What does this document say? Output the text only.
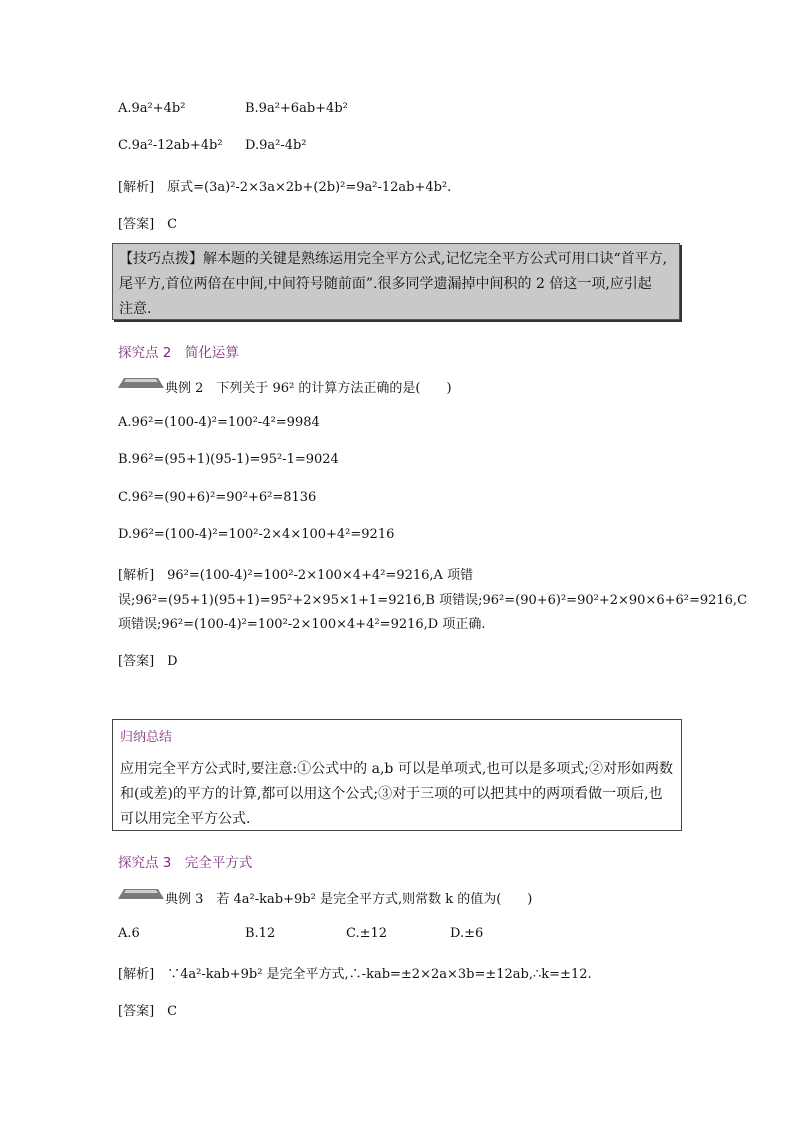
A.9a²+4b²	B.9a²+6ab+4b²
C.9a²-12ab+4b² D.9a²-4b²
[解析]　原式=(3a)²-2×3a×2b+(2b)²=9a²-12ab+4b².
[答案]　C
【技巧点拨】解本题的关键是熟练运用完全平方公式,记忆完全平方公式可用口诀“首平方,
尾平方,首位两倍在中间,中间符号随前面”.很多同学遗漏掉中间积的 2 倍这一项,应引起
注意.
探究点 2　简化运算
典例 2　下列关于 96² 的计算方法正确的是(　　)
A.96²=(100-4)²=100²-4²=9984
B.96²=(95+1)(95-1)=95²-1=9024
C.96²=(90+6)²=90²+6²=8136
D.96²=(100-4)²=100²-2×4×100+4²=9216
[解析]　96²=(100-4)²=100²-2×100×4+4²=9216,A 项错
误;96²=(95+1)(95+1)=95²+2×95×1+1=9216,B 项错误;96²=(90+6)²=90²+2×90×6+6²=9216,C
项错误;96²=(100-4)²=100²-2×100×4+4²=9216,D 项正确.
[答案]　D
归纳总结
应用完全平方公式时,要注意:①公式中的 a,b 可以是单项式,也可以是多项式;②对形如两数
和(或差)的平方的计算,都可以用这个公式;③对于三项的可以把其中的两项看做一项后,也
可以用完全平方公式.
探究点 3　完全平方式
典例 3　若 4a²-kab+9b² 是完全平方式,则常数 k 的值为(　　)
A.6	B.12	C.±12	D.±6
[解析]　∵4a²-kab+9b² 是完全平方式,∴-kab=±2×2a×3b=±12ab,∴k=±12.
[答案]　C
